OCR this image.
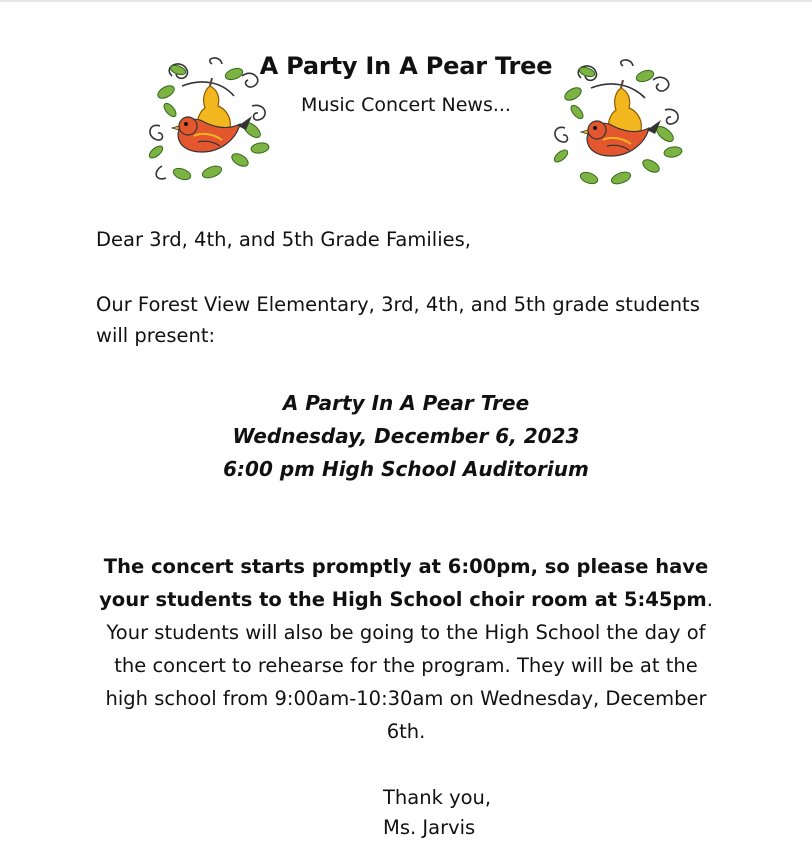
A Party In A Pear Tree
Music Concert News...

Dear 3rd, 4th, and 5th Grade Families,

Our Forest View Elementary, 3rd, 4th, and 5th grade students will present:

A Party In A Pear Tree
Wednesday, December 6, 2023
6:00 pm High School Auditorium

The concert starts promptly at 6:00pm, so please have your students to the High School choir room at 5:45pm. Your students will also be going to the High School the day of the concert to rehearse for the program. They will be at the high school from 9:00am-10:30am on Wednesday, December 6th.

Thank you,
Ms. Jarvis
